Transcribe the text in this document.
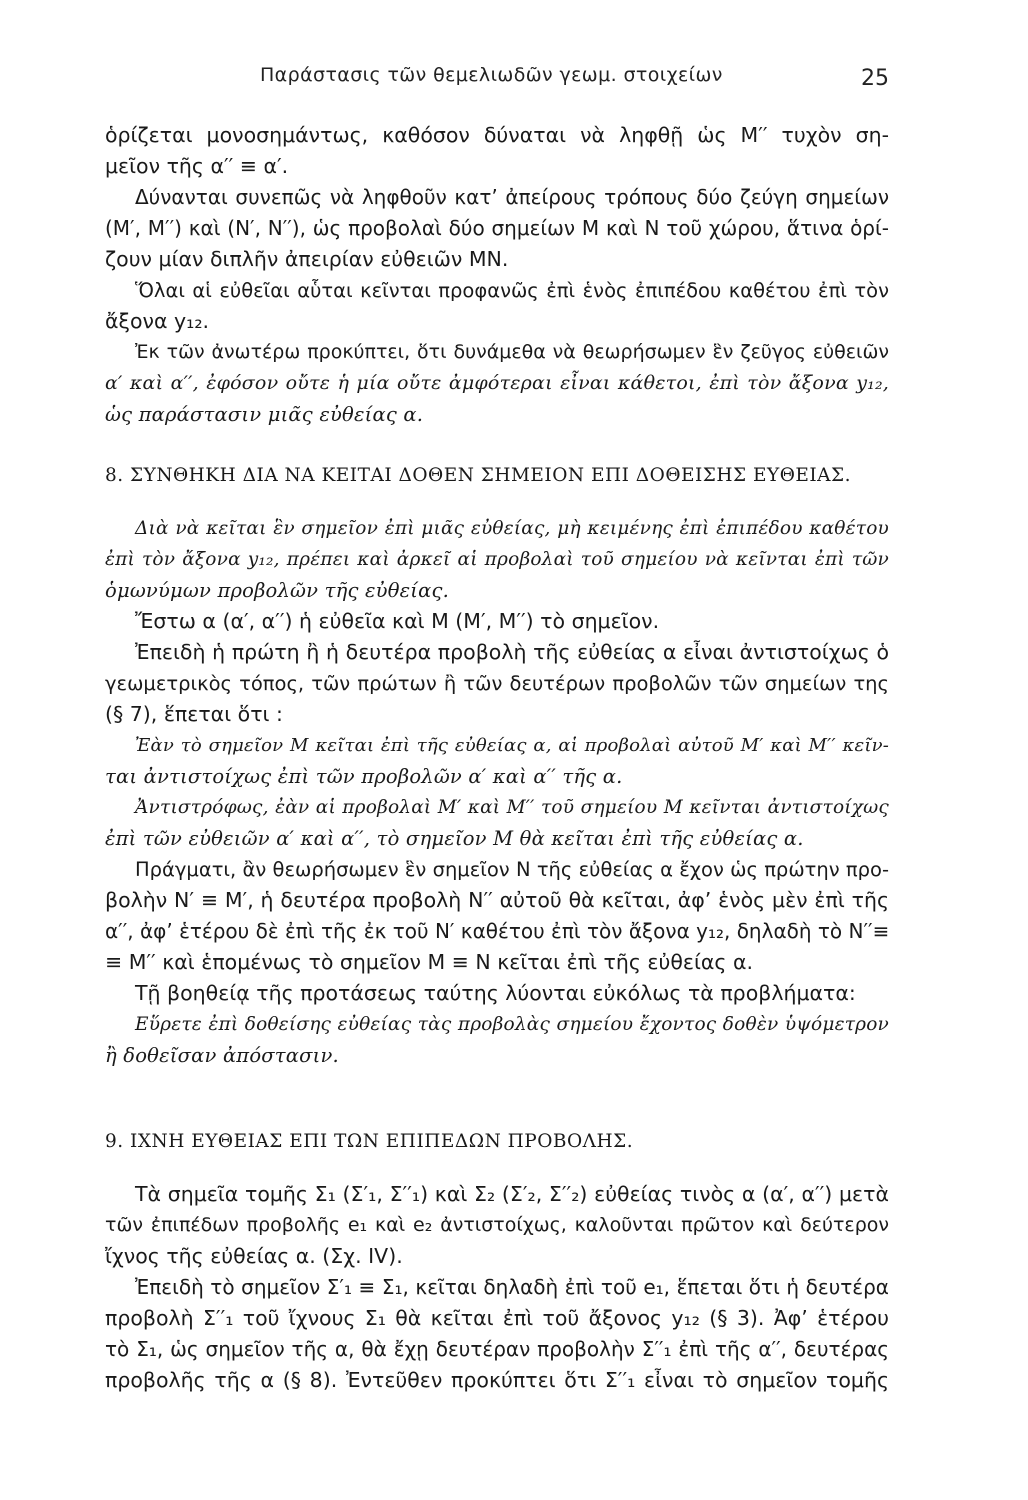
Παράστασις τῶν θεμελιωδῶν γεωμ. στοιχείων	25
ὁρίζεται μονοσημάντως, καθόσον δύναται νὰ ληφθῇ ὡς M′′ τυχὸν ση-
μεῖον τῆς α′′ ≡ α′.
Δύνανται συνεπῶς νὰ ληφθοῦν κατ’ ἀπείρους τρόπους δύο ζεύγη σημείων
(M′, M′′) καὶ (N′, N′′), ὡς προβολαὶ δύο σημείων M καὶ N τοῦ χώρου, ἅτινα ὁρί-
ζουν μίαν διπλῆν ἀπειρίαν εὐθειῶν MN.
Ὅλαι αἱ εὐθεῖαι αὗται κεῖνται προφανῶς ἐπὶ ἑνὸς ἐπιπέδου καθέτου ἐπὶ τὸν
ἄξονα y₁₂.
Ἐκ τῶν ἀνωτέρω προκύπτει, ὅτι δυνάμεθα νὰ θεωρήσωμεν ἓν ζεῦγος εὐθειῶν
α′ καὶ α′′, ἐφόσον οὔτε ἡ μία οὔτε ἀμφότεραι εἶναι κάθετοι, ἐπὶ τὸν ἄξονα y₁₂,
ὡς παράστασιν μιᾶς εὐθείας α.
8. ΣΥΝΘΗΚΗ ΔΙΑ ΝΑ ΚΕΙΤΑΙ ΔΟΘΕΝ ΣΗΜΕΙΟΝ ΕΠΙ ΔΟΘΕΙΣΗΣ ΕΥΘΕΙΑΣ.
Διὰ νὰ κεῖται ἓν σημεῖον ἐπὶ μιᾶς εὐθείας, μὴ κειμένης ἐπὶ ἐπιπέδου καθέτου
ἐπὶ τὸν ἄξονα y₁₂, πρέπει καὶ ἀρκεῖ αἱ προβολαὶ τοῦ σημείου νὰ κεῖνται ἐπὶ τῶν
ὁμωνύμων προβολῶν τῆς εὐθείας.
Ἔστω α (α′, α′′) ἡ εὐθεῖα καὶ M (M′, M′′) τὸ σημεῖον.
Ἐπειδὴ ἡ πρώτη ἢ ἡ δευτέρα προβολὴ τῆς εὐθείας α εἶναι ἀντιστοίχως ὁ
γεωμετρικὸς τόπος, τῶν πρώτων ἢ τῶν δευτέρων προβολῶν τῶν σημείων της
(§ 7), ἕπεται ὅτι :
Ἐὰν τὸ σημεῖον M κεῖται ἐπὶ τῆς εὐθείας α, αἱ προβολαὶ αὐτοῦ M′ καὶ M′′ κεῖν-
ται ἀντιστοίχως ἐπὶ τῶν προβολῶν α′ καὶ α′′ τῆς α.
Ἀντιστρόφως, ἐὰν αἱ προβολαὶ M′ καὶ M′′ τοῦ σημείου M κεῖνται ἀντιστοίχως
ἐπὶ τῶν εὐθειῶν α′ καὶ α′′, τὸ σημεῖον M θὰ κεῖται ἐπὶ τῆς εὐθείας α.
Πράγματι, ἂν θεωρήσωμεν ἓν σημεῖον N τῆς εὐθείας α ἔχον ὡς πρώτην προ-
βολὴν N′ ≡ M′, ἡ δευτέρα προβολὴ N′′ αὐτοῦ θὰ κεῖται, ἀφ’ ἑνὸς μὲν ἐπὶ τῆς
α′′, ἀφ’ ἑτέρου δὲ ἐπὶ τῆς ἐκ τοῦ N′ καθέτου ἐπὶ τὸν ἄξονα y₁₂, δηλαδὴ τὸ N′′≡
≡ M′′ καὶ ἑπομένως τὸ σημεῖον M ≡ N κεῖται ἐπὶ τῆς εὐθείας α.
Τῇ βοηθείᾳ τῆς προτάσεως ταύτης λύονται εὐκόλως τὰ προβλήματα:
Εὕρετε ἐπὶ δοθείσης εὐθείας τὰς προβολὰς σημείου ἔχοντος δοθὲν ὑψόμετρον
ἢ δοθεῖσαν ἀπόστασιν.
9. ΙΧΝΗ ΕΥΘΕΙΑΣ ΕΠΙ ΤΩΝ ΕΠΙΠΕΔΩΝ ΠΡΟΒΟΛΗΣ.
Τὰ σημεῖα τομῆς Σ₁ (Σ′₁, Σ′′₁) καὶ Σ₂ (Σ′₂, Σ′′₂) εὐθείας τινὸς α (α′, α′′) μετὰ
τῶν ἐπιπέδων προβολῆς e₁ καὶ e₂ ἀντιστοίχως, καλοῦνται πρῶτον καὶ δεύτερον
ἴχνος τῆς εὐθείας α. (Σχ. IV).
Ἐπειδὴ τὸ σημεῖον Σ′₁ ≡ Σ₁, κεῖται δηλαδὴ ἐπὶ τοῦ e₁, ἕπεται ὅτι ἡ δευτέρα
προβολὴ Σ′′₁ τοῦ ἴχνους Σ₁ θὰ κεῖται ἐπὶ τοῦ ἄξονος y₁₂ (§ 3). Ἀφ’ ἑτέρου
τὸ Σ₁, ὡς σημεῖον τῆς α, θὰ ἔχῃ δευτέραν προβολὴν Σ′′₁ ἐπὶ τῆς α′′, δευτέρας
προβολῆς τῆς α (§ 8). Ἐντεῦθεν προκύπτει ὅτι Σ′′₁ εἶναι τὸ σημεῖον τομῆς
